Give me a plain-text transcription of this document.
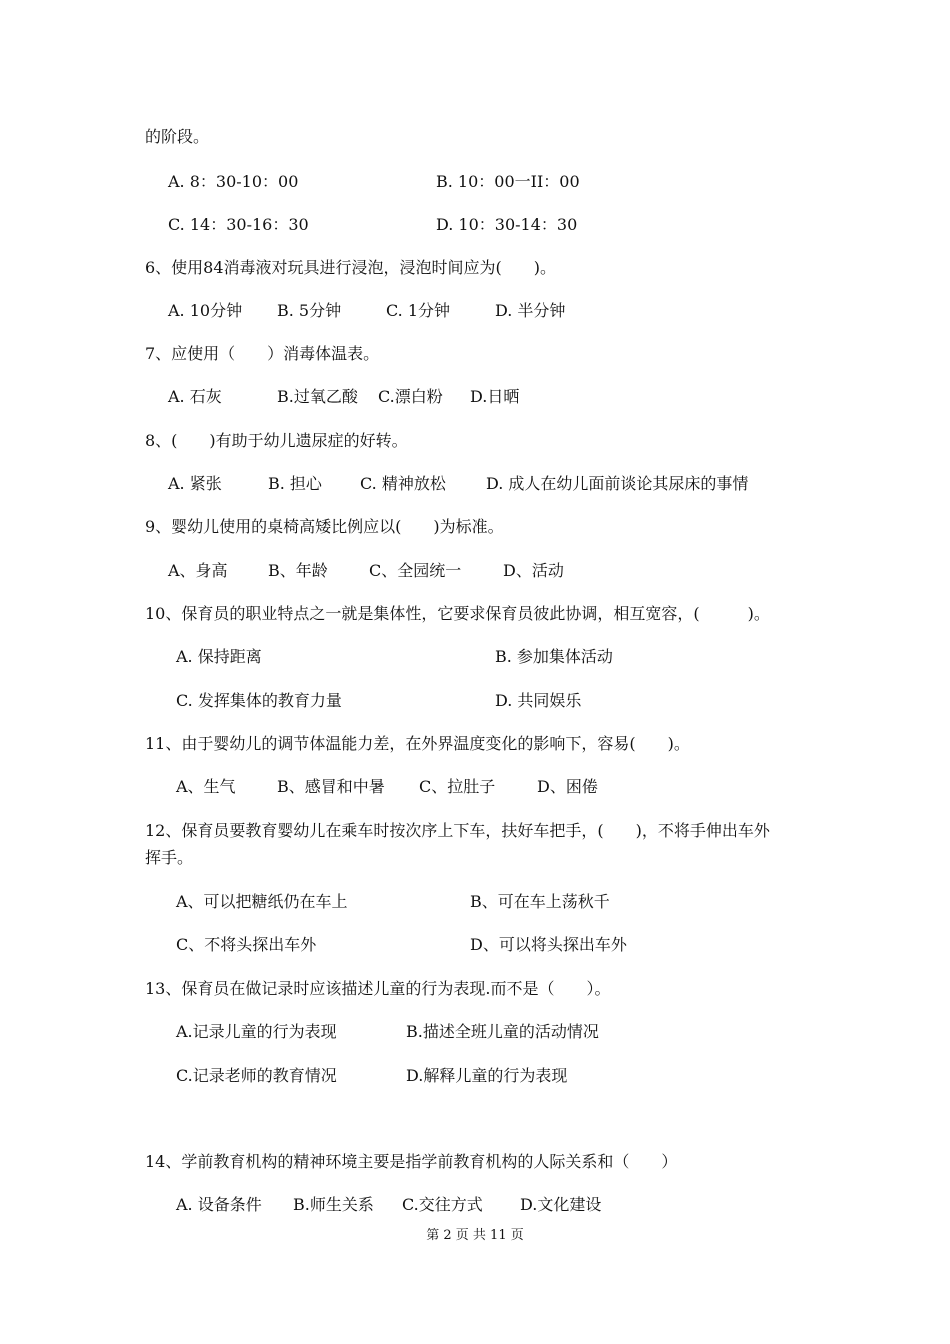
的阶段。
A. 8：30-10：00	B. 10：00一II：00
C. 14：30-16：30	D. 10：30-14：30
6、使用84消毒液对玩具进行浸泡，浸泡时间应为(　　)。
A. 10分钟 B. 5分钟	C. 1分钟	D. 半分钟
7、应使用（　　）消毒体温表。
A. 石灰	B.过氧乙酸 C.漂白粉 D.日晒
8、(　　)有助于幼儿遗尿症的好转。
A. 紧张	B. 担心 C. 精神放松	D. 成人在幼儿面前谈论其尿床的事情
9、婴幼儿使用的桌椅高矮比例应以(　　)为标准。
A、身高	B、年龄	C、全园统一	D、活动
10、保育员的职业特点之一就是集体性，它要求保育员彼此协调，相互宽容，(　　　)。
A. 保持距离	B. 参加集体活动
C. 发挥集体的教育力量	D. 共同娱乐
11、由于婴幼儿的调节体温能力差，在外界温度变化的影响下，容易(　　)。
A、生气	B、感冒和中暑 C、拉肚子	D、困倦
12、保育员要教育婴幼儿在乘车时按次序上下车，扶好车把手，(　　)，不将手伸出车外
挥手。
A、可以把糖纸仍在车上	B、可在车上荡秋千
C、不将头探出车外	D、可以将头探出车外
13、保育员在做记录时应该描述儿童的行为表现.而不是（　　）。
A.记录儿童的行为表现	B.描述全班儿童的活动情况
C.记录老师的教育情况	D.解释儿童的行为表现
14、学前教育机构的精神环境主要是指学前教育机构的人际关系和（　　）
A. 设备条件 B.师生关系 C.交往方式 D.文化建设
第 2 页 共 11 页
